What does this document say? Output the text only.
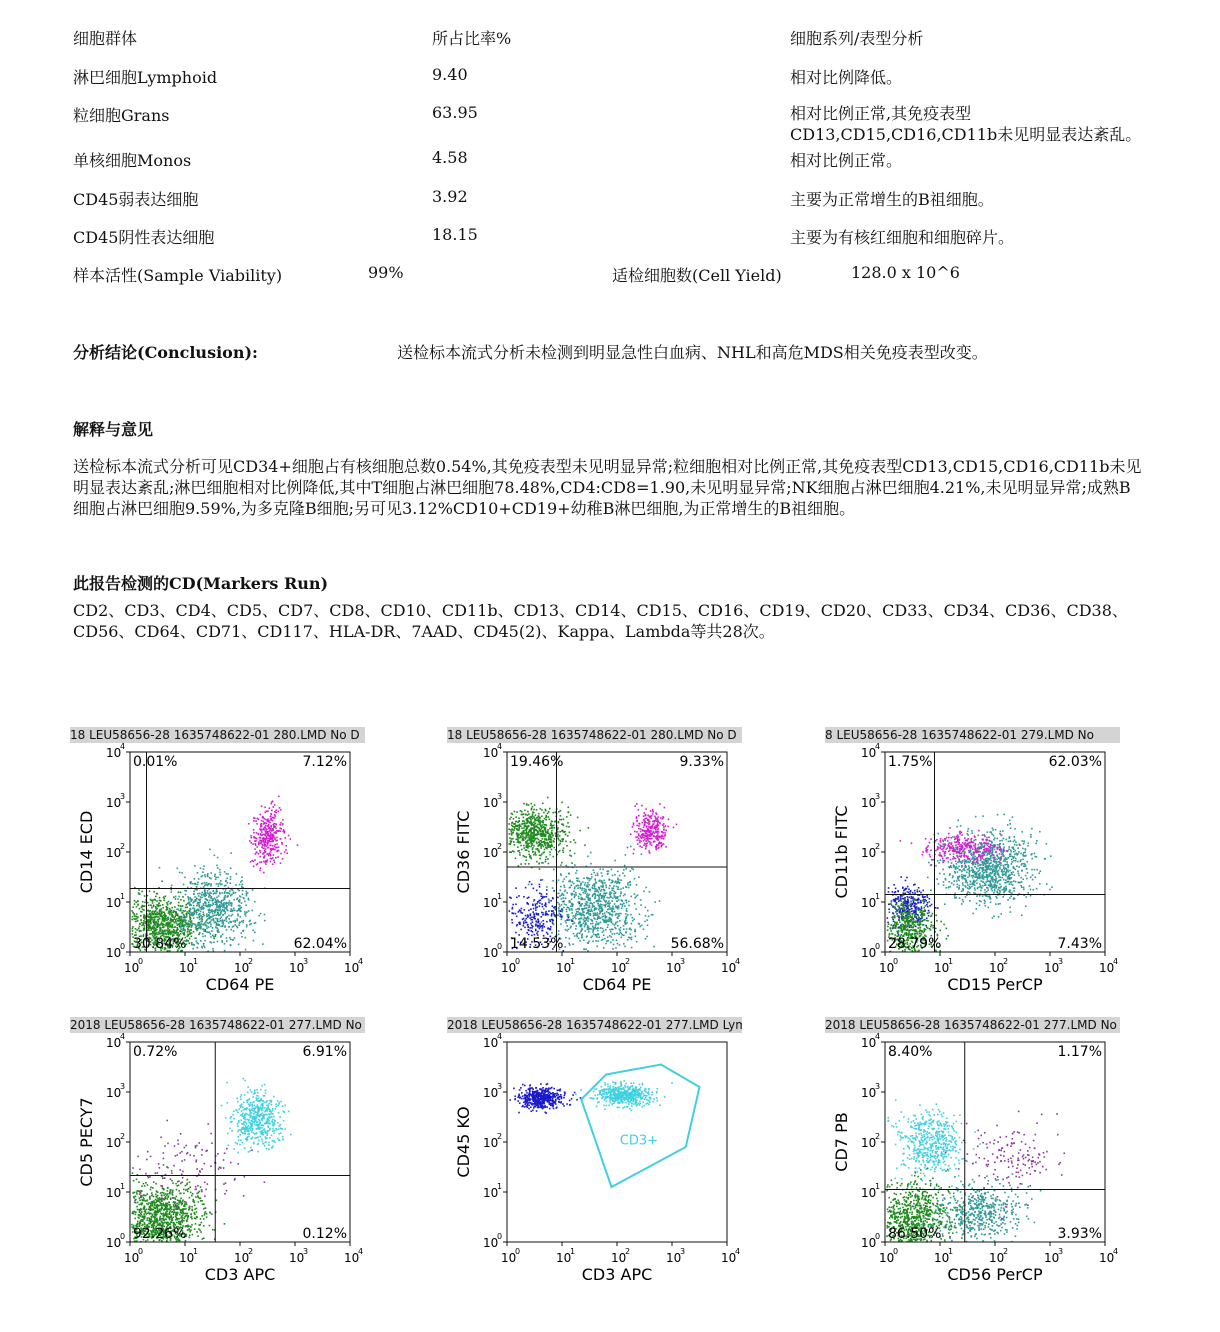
细胞群体	所占比率%	细胞系列/表型分析
淋巴细胞Lymphoid	9.40	相对比例降低。
粒细胞Grans	63.95	相对比例正常,其免疫表型CD13,CD15,CD16,CD11b未见明显表达紊乱。
单核细胞Monos	4.58	相对比例正常。
CD45弱表达细胞	3.92	主要为正常增生的B祖细胞。
CD45阴性表达细胞	18.15	主要为有核红细胞和细胞碎片。
样本活性(Sample Viability)	99%	适检细胞数(Cell Yield)	128.0 x 10^6
分析结论(Conclusion):	送检标本流式分析未检测到明显急性白血病、NHL和高危MDS相关免疫表型改变。
解释与意见
送检标本流式分析可见CD34+细胞占有核细胞总数0.54%,其免疫表型未见明显异常;粒细胞相对比例正常,其免疫表型CD13,CD15,CD16,CD11b未见明显表达紊乱;淋巴细胞相对比例降低,其中T细胞占淋巴细胞78.48%,CD4:CD8=1.90,未见明显异常;NK细胞占淋巴细胞4.21%,未见明显异常;成熟B细胞占淋巴细胞9.59%,为多克隆B细胞;另可见3.12%CD10+CD19+幼稚B淋巴细胞,为正常增生的B祖细胞。
此报告检测的CD(Markers Run)
CD2、CD3、CD4、CD5、CD7、CD8、CD10、CD11b、CD13、CD14、CD15、CD16、CD19、CD20、CD33、CD34、CD36、CD38、CD56、CD64、CD71、CD117、HLA-DR、7AAD、CD45(2)、Kappa、Lambda等共28次。
18 LEU58656-28 1635748622-01 280.LMD No D
0.01%	7.12%
30.84%	62.04%
10
0
10
0
10
1
10
1
10
2
10
2
10
3
10
3
10
4
10
4
CD64 PE
CD14 ECD
18 LEU58656-28 1635748622-01 280.LMD No D
19.46%	9.33%
14.53%	56.68%
10
0
10
0
10
1
10
1
10
2
10
2
10
3
10
3
10
4
10
4
CD64 PE
CD36 FITC
8 LEU58656-28 1635748622-01 279.LMD No
1.75%	62.03%
28.79%	7.43%
10
0
10
0
10
1
10
1
10
2
10
2
10
3
10
3
10
4
10
4
CD15 PerCP
CD11b FITC
2018 LEU58656-28 1635748622-01 277.LMD No Det
0.72%	6.91%
92.26%	0.12%
10
0
10
0
10
1
10
1
10
2
10
2
10
3
10
3
10
4
10
4
CD3 APC
CD5 PECY7
2018 LEU58656-28 1635748622-01 277.LMD Lympho
CD3+
10
0
10
0
10
1
10
1
10
2
10
2
10
3
10
3
10
4
10
4
CD3 APC
CD45 KO
2018 LEU58656-28 1635748622-01 277.LMD No Det
8.40%	1.17%
86.50%	3.93%
10
0
10
0
10
1
10
1
10
2
10
2
10
3
10
3
10
4
10
4
CD56 PerCP
CD7 PB
